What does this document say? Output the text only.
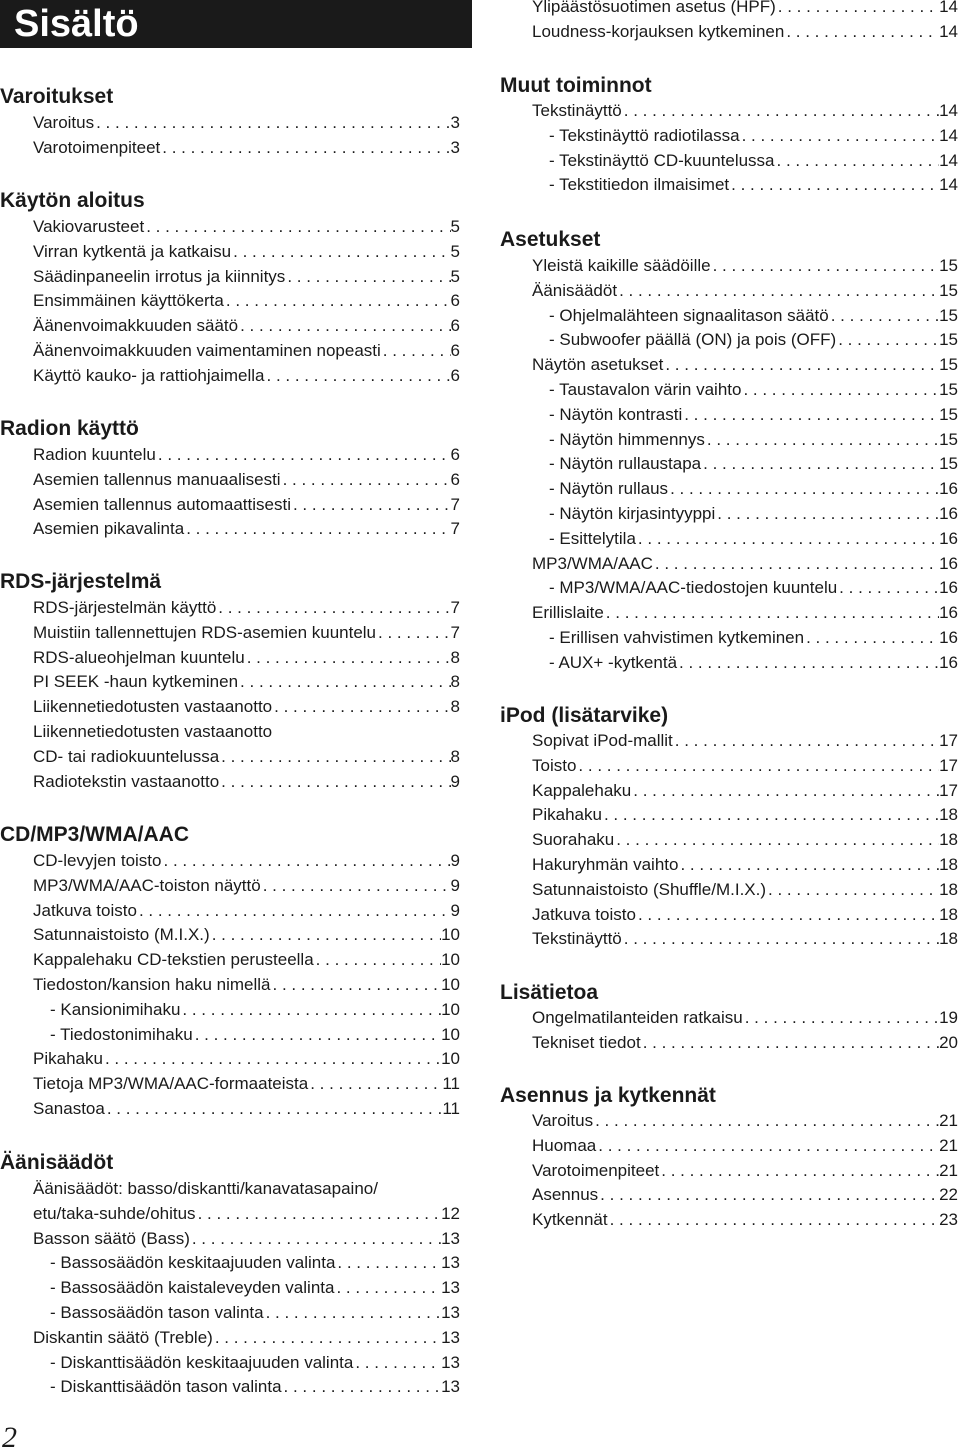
Sisältö
Varoitukset
Varoitus . . .	3
Varotoimenpiteet . . .	3
Käytön aloitus
Vakiovarusteet . . .	5
Virran kytkentä ja katkaisu . . .	5
Säädinpaneelin irrotus ja kiinnitys . . .	5
Ensimmäinen käyttökerta . . .	6
Äänenvoimakkuuden säätö . . .	6
Äänenvoimakkuuden vaimentaminen nopeasti . . .	6
Käyttö kauko- ja rattiohjaimella . . .	6
Radion käyttö
Radion kuuntelu . . .	6
Asemien tallennus manuaalisesti . . .	6
Asemien tallennus automaattisesti . . .	7
Asemien pikavalinta . . .	7
RDS-järjestelmä
RDS-järjestelmän käyttö . . .	7
Muistiin tallennettujen RDS-asemien kuuntelu . . .	7
RDS-alueohjelman kuuntelu . . .	8
PI SEEK -haun kytkeminen . . .	8
Liikennetiedotusten vastaanotto . . .	8
Liikennetiedotusten vastaanotto
CD- tai radiokuuntelussa . . .	8
Radiotekstin vastaanotto . . .	9
CD/MP3/WMA/AAC
CD-levyjen toisto . . .	9
MP3/WMA/AAC-toiston näyttö . . .	9
Jatkuva toisto . . .	9
Satunnaistoisto (M.I.X.) . . .	10
Kappalehaku CD-tekstien perusteella . . .	10
Tiedoston/kansion haku nimellä . . .	10
- Kansionimihaku . . .	10
- Tiedostonimihaku . . .	10
Pikahaku . . .	10
Tietoja MP3/WMA/AAC-formaateista . . .	11
Sanastoa . . .	11
Äänisäädöt
Äänisäädöt: basso/diskantti/kanavatasapaino/
etu/taka-suhde/ohitus . . .	12
Basson säätö (Bass) . . .	13
- Bassosäädön keskitaajuuden valinta . . .	13
- Bassosäädön kaistaleveyden valinta . . .	13
- Bassosäädön tason valinta . . .	13
Diskantin säätö (Treble) . . .	13
- Diskanttisäädön keskitaajuuden valinta . . .	13
- Diskanttisäädön tason valinta . . .	13
Muut toiminnot
Tekstinäyttö . . .	14
- Tekstinäyttö radiotilassa . . .	14
- Tekstinäyttö CD-kuuntelussa . . .	14
- Tekstitiedon ilmaisimet . . .	14
Asetukset
Yleistä kaikille säädöille . . .	15
Äänisäädöt . . .	15
- Ohjelmalähteen signaalitason säätö . . .	15
- Subwoofer päällä (ON) ja pois (OFF) . . .	15
Näytön asetukset . . .	15
- Taustavalon värin vaihto . . .	15
- Näytön kontrasti . . .	15
- Näytön himmennys . . .	15
- Näytön rullaustapa . . .	15
- Näytön rullaus . . .	16
- Näytön kirjasintyyppi . . .	16
- Esittelytila . . .	16
MP3/WMA/AAC . . .	16
- MP3/WMA/AAC-tiedostojen kuuntelu . . .	16
Erillislaite . . .	16
- Erillisen vahvistimen kytkeminen . . .	16
- AUX+ -kytkentä . . .	16
iPod (lisätarvike)
Sopivat iPod-mallit . . .	17
Toisto . . .	17
Kappalehaku . . .	17
Pikahaku . . .	18
Suorahaku . . .	18
Hakuryhmän vaihto . . .	18
Satunnaistoisto (Shuffle/M.I.X.) . . .	18
Jatkuva toisto . . .	18
Tekstinäyttö . . .	18
Lisätietoa
Ongelmatilanteiden ratkaisu . . .	19
Tekniset tiedot . . .	20
Asennus ja kytkennät
Varoitus . . .	21
Huomaa . . .	21
Varotoimenpiteet . . .	21
Asennus . . .	22
Kytkennät . . .	23
Ylipäästösuotimen asetus (HPF) . . .	14
Loudness-korjauksen kytkeminen . . .	14
2
